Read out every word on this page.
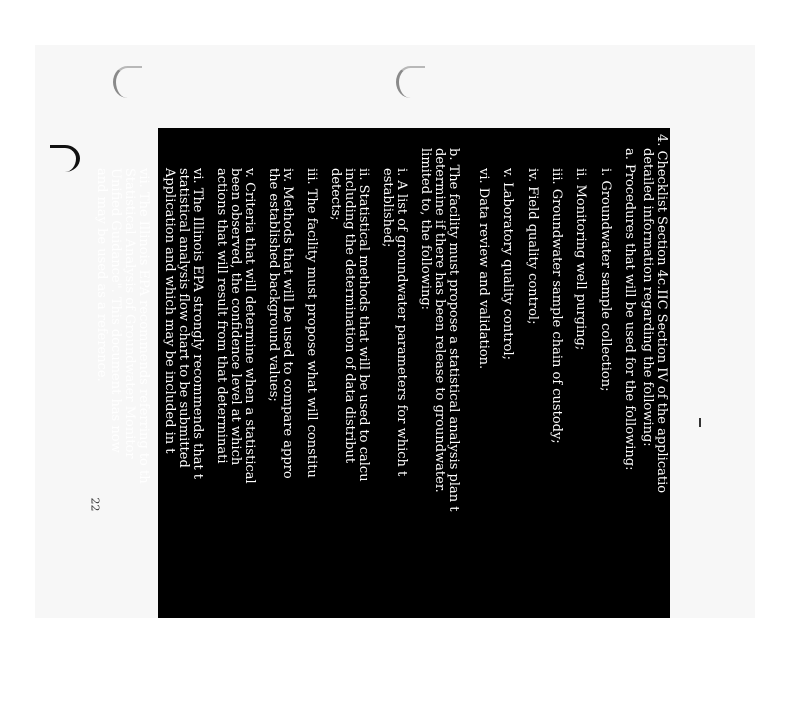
22
4. Checklist Section 4c.IIC Section IV of the applicatio
detailed information regarding the following:
a. Procedures that will be used for the following:
i. Groundwater sample collection;
ii. Monitoring well purging;
iii. Groundwater sample chain of custody;
iv. Field quality control;
v. Laboratory quality control;
vi. Data review and validation.
b. The facility must propose a statistical analysis plan t
determine if there has been release to groundwater.
limited to, the following:
i. A list of groundwater parameters for which t
established;
ii. Statistical methods that will be used to calcu
including the determination of data distribut
detects;
iii. The facility must propose what will constitu
iv. Methods that will be used to compare appro
the established background values;
v. Criteria that will determine when a statistical
been observed, the confidence level at which
actions that will result from that determinati
vi. The Illinois EPA strongly recommends that t
statistical analysis flow chart to be submitted
Application and which may be included in t
vii. The Illinois EPA recommends referring to th
Statistical Analysis of Groundwater Monitor
Unified Guidance". This document has now
and may be used as a reference.
